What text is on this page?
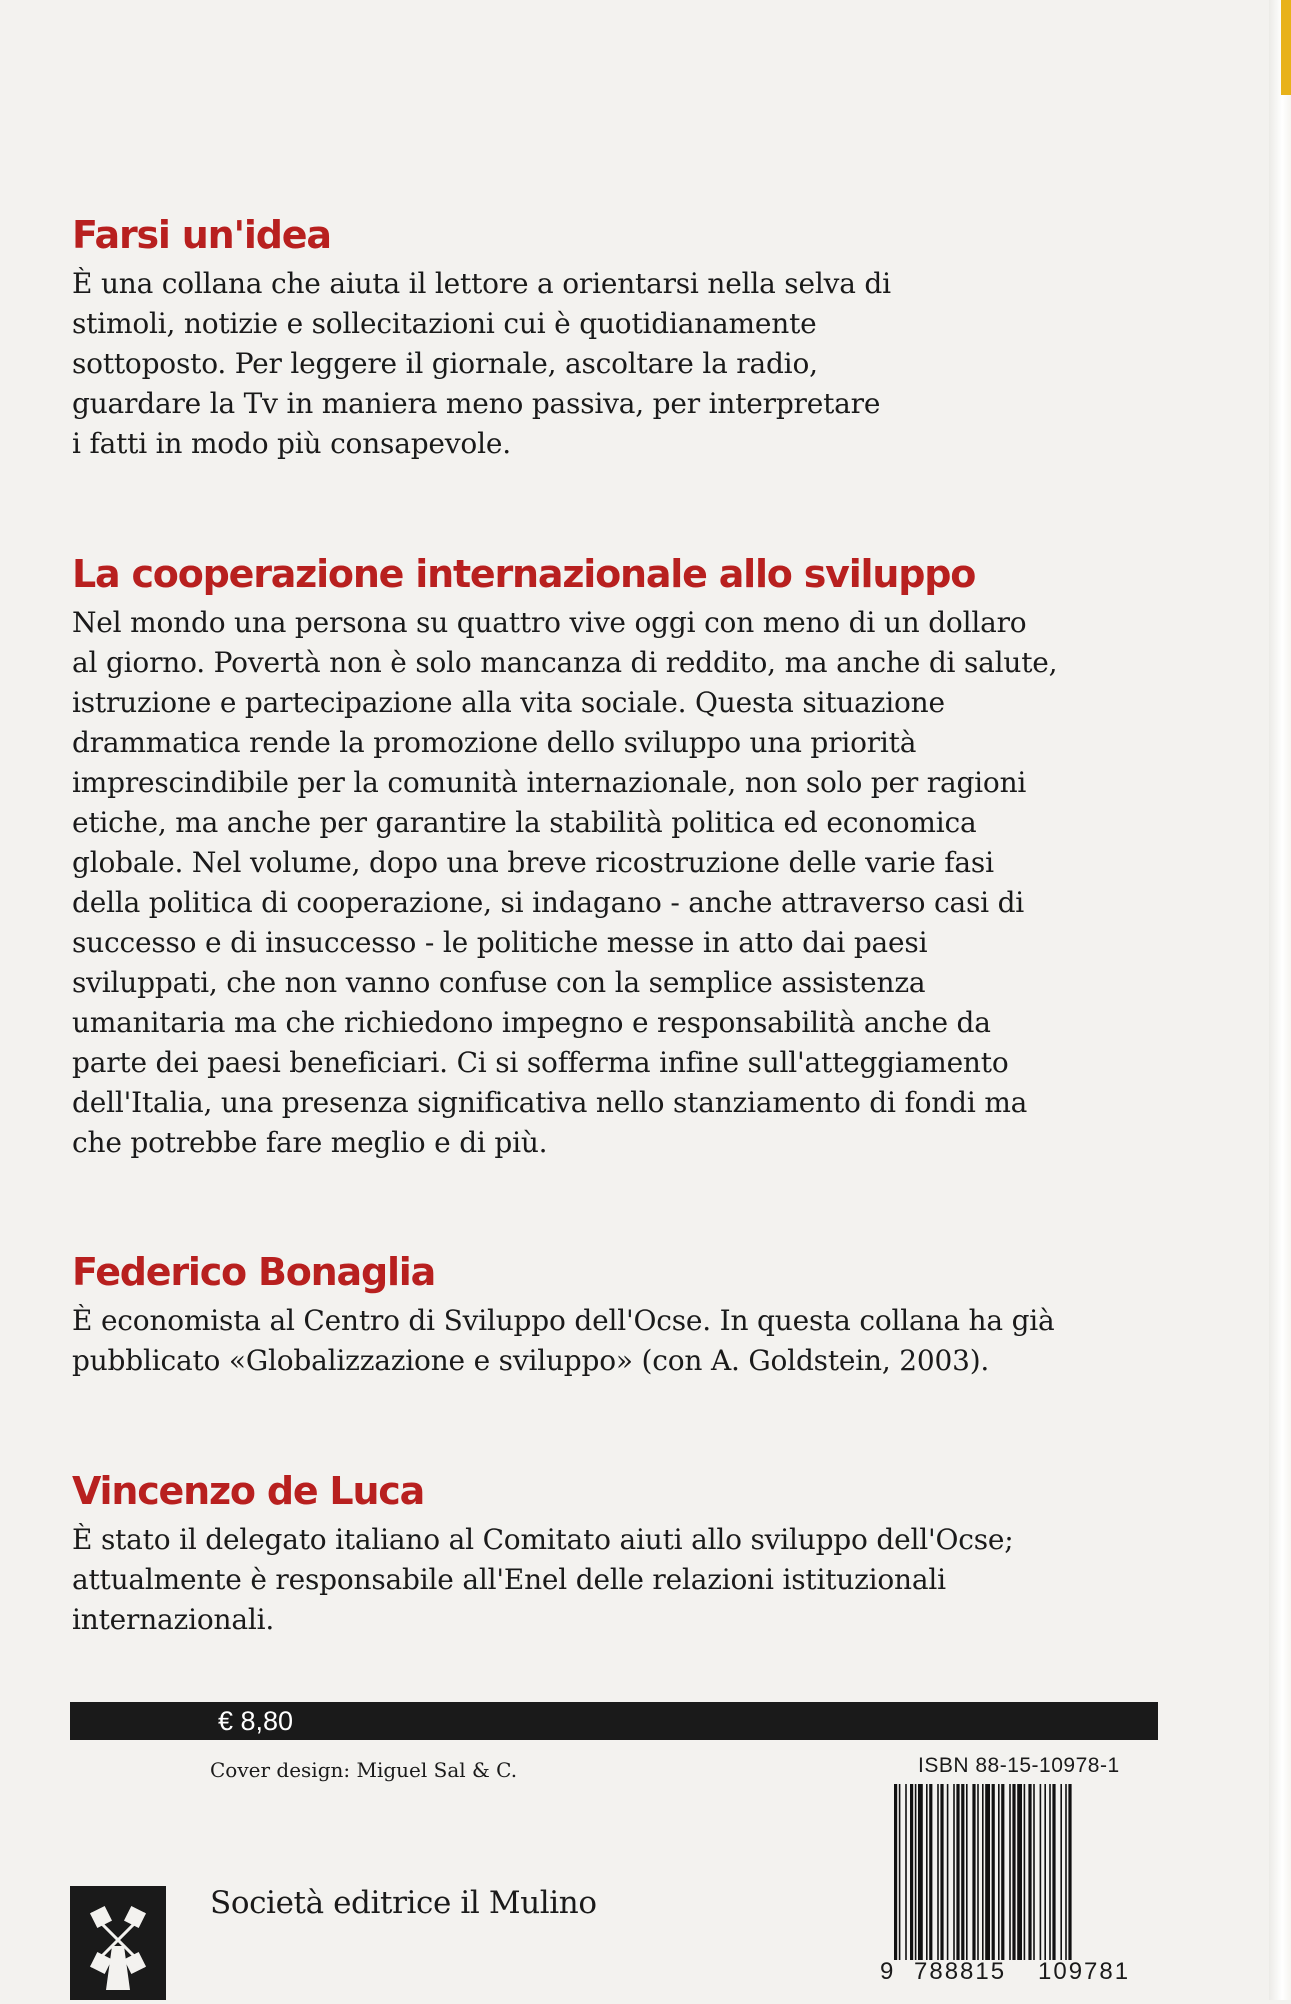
Farsi un'idea
È una collana che aiuta il lettore a orientarsi nella selva di
stimoli, notizie e sollecitazioni cui è quotidianamente
sottoposto. Per leggere il giornale, ascoltare la radio,
guardare la Tv in maniera meno passiva, per interpretare
i fatti in modo più consapevole.
La cooperazione internazionale allo sviluppo
Nel mondo una persona su quattro vive oggi con meno di un dollaro
al giorno. Povertà non è solo mancanza di reddito, ma anche di salute,
istruzione e partecipazione alla vita sociale. Questa situazione
drammatica rende la promozione dello sviluppo una priorità
imprescindibile per la comunità internazionale, non solo per ragioni
etiche, ma anche per garantire la stabilità politica ed economica
globale. Nel volume, dopo una breve ricostruzione delle varie fasi
della politica di cooperazione, si indagano - anche attraverso casi di
successo e di insuccesso - le politiche messe in atto dai paesi
sviluppati, che non vanno confuse con la semplice assistenza
umanitaria ma che richiedono impegno e responsabilità anche da
parte dei paesi beneficiari. Ci si sofferma infine sull'atteggiamento
dell'Italia, una presenza significativa nello stanziamento di fondi ma
che potrebbe fare meglio e di più.
Federico Bonaglia
È economista al Centro di Sviluppo dell'Ocse. In questa collana ha già
pubblicato «Globalizzazione e sviluppo» (con A. Goldstein, 2003).
Vincenzo de Luca
È stato il delegato italiano al Comitato aiuti allo sviluppo dell'Ocse;
attualmente è responsabile all'Enel delle relazioni istituzionali
internazionali.
€ 8,80
Cover design: Miguel Sal & C.	ISBN 88-15-10978-1
9 788815 109781
Società editrice il Mulino
